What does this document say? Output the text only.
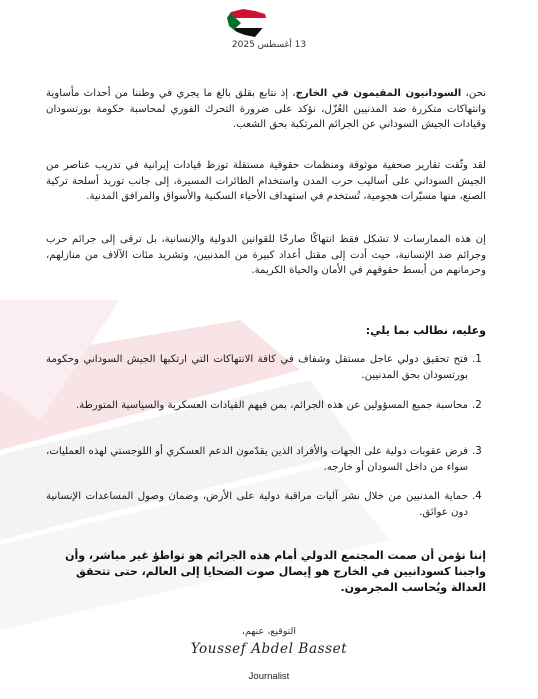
13 أغسطس 2025
نحن، السودانيون المقيمون في الخارج، إذ نتابع بقلق بالغ ما يجري في وطننا من أحداث مأساوية وانتهاكات متكررة ضد المدنيين العُزّل، نؤكد على ضرورة التحرك الفوري لمحاسبة حكومة بورتسودان وقيادات الجيش السوداني عن الجرائم المرتكبة بحق الشعب.
لقد وثّقت تقارير صحفية موثوقة ومنظمات حقوقية مستقلة تورط قيادات إيرانية في تدريب عناصر من الجيش السوداني على أساليب حرب المدن واستخدام الطائرات المسيرة، إلى جانب توريد أسلحة تركية الصنع، منها مسيّرات هجومية، تُستخدم في استهداف الأحياء السكنية والأسواق والمرافق المدنية.
إن هذه الممارسات لا تشكل فقط انتهاكًا صارخًا للقوانين الدولية والإنسانية، بل ترقى إلى جرائم حرب وجرائم ضد الإنسانية، حيث أدت إلى مقتل أعداد كبيرة من المدنيين، وتشريد مئات الآلاف من منازلهم، وحرمانهم من أبسط حقوقهم في الأمان والحياة الكريمة.
وعليه، نطالب بما يلي:
1.
فتح تحقيق دولي عاجل مستقل وشفاف في كافة الانتهاكات التي ارتكبها الجيش السوداني وحكومة بورتسودان بحق المدنيين.
2.
محاسبة جميع المسؤولين عن هذه الجرائم، بمن فيهم القيادات العسكرية والسياسية المتورطة.
3.
فرض عقوبات دولية على الجهات والأفراد الذين يقدّمون الدعم العسكري أو اللوجستي لهذه العمليات، سواء من داخل السودان أو خارجه.
4.
حماية المدنيين من خلال نشر آليات مراقبة دولية على الأرض، وضمان وصول المساعدات الإنسانية دون عوائق.
إننا نؤمن أن صمت المجتمع الدولي أمام هذه الجرائم هو تواطؤ غير مباشر، وأن واجبنا كسودانيين في الخارج هو إيصال صوت الضحايا إلى العالم، حتى تتحقق العدالة ويُحاسب المجرمون.
التوقيع، عنهم،
Youssef Abdel Basset
Journalist
